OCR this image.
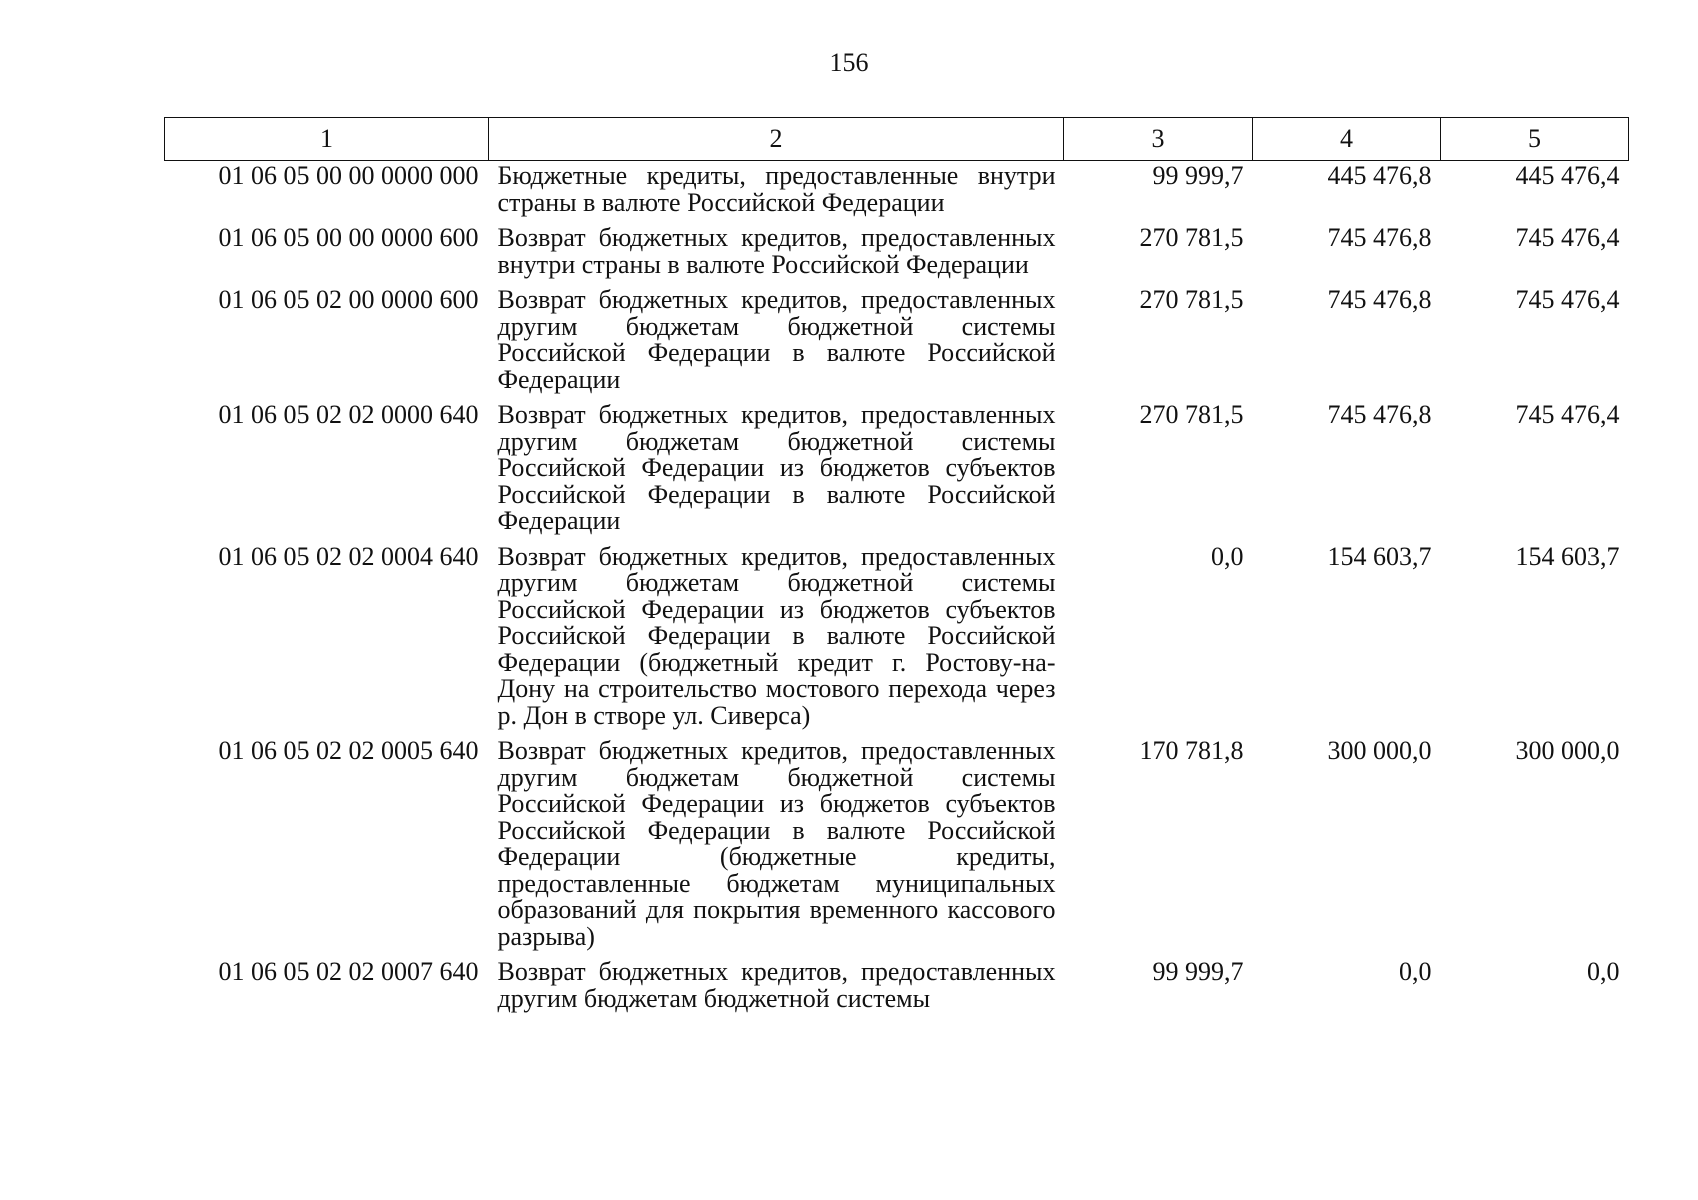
156
1	2	3	4	5
01 06 05 00 00 0000 000	Бюджетные кредиты, предоставленные внутри страны в валюте Российской Федерации	99 999,7	445 476,8	445 476,4
01 06 05 00 00 0000 600	Возврат бюджетных кредитов, предоставленных внутри страны в валюте Российской Федерации	270 781,5	745 476,8	745 476,4
01 06 05 02 00 0000 600	Возврат бюджетных кредитов, предоставленных другим бюджетам бюджетной системы Российской Федерации в валюте Российской Федерации	270 781,5	745 476,8	745 476,4
01 06 05 02 02 0000 640	Возврат бюджетных кредитов, предоставленных другим бюджетам бюджетной системы Российской Федерации из бюджетов субъектов Российской Федерации в валюте Российской Федерации	270 781,5	745 476,8	745 476,4
01 06 05 02 02 0004 640	Возврат бюджетных кредитов, предоставленных другим бюджетам бюджетной системы Российской Федерации из бюджетов субъектов Российской Федерации в валюте Российской Федерации (бюджетный кредит г. Ростову-на-Дону на строительство мостового перехода через р. Дон в створе ул. Сиверса)	0,0	154 603,7	154 603,7
01 06 05 02 02 0005 640	Возврат бюджетных кредитов, предоставленных другим бюджетам бюджетной системы Российской Федерации из бюджетов субъектов Российской Федерации в валюте Российской Федерации (бюджетные кредиты, предоставленные бюджетам муниципальных образований для покрытия временного кассового разрыва)	170 781,8	300 000,0	300 000,0
01 06 05 02 02 0007 640	Возврат бюджетных кредитов, предоставленных другим бюджетам бюджетной системы	99 999,7	0,0	0,0
